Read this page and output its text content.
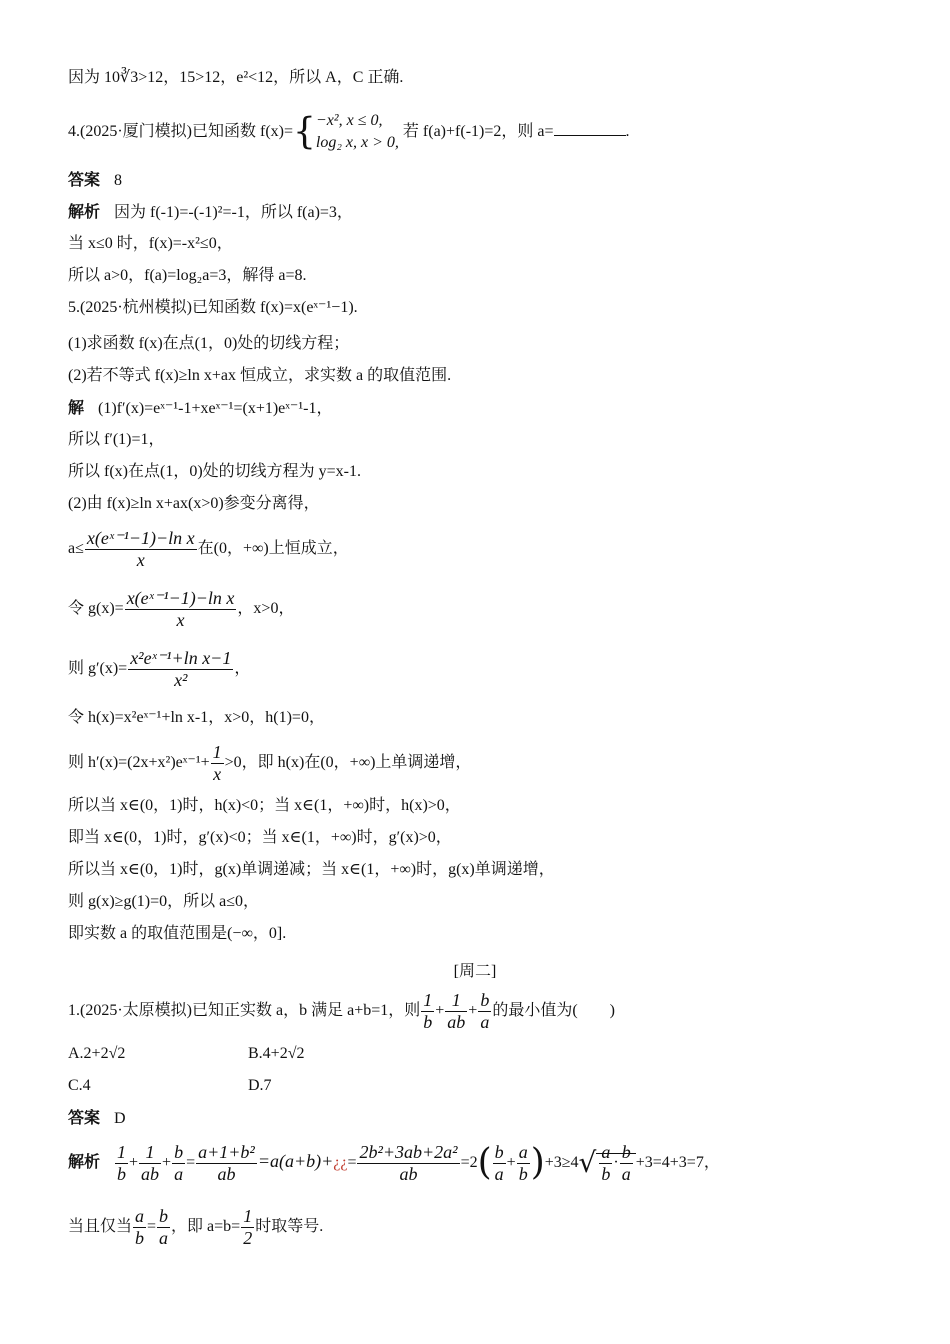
因为 10∛3>12，15>12，e²<12，所以 A，C 正确.
4.(2025·厦门模拟)已知函数 f(x)={ −x², x ≤ 0,
log₂ x, x > 0,
若 f(a)+f(-1)=2，则 a=	.
答案 8
解析 因为 f(-1)=-(-1)²=-1，所以 f(a)=3，
当 x≤0 时，f(x)=-x²≤0，
所以 a>0，f(a)=log₂a=3，解得 a=8.
5.(2025·杭州模拟)已知函数 f(x)=x(eˣ⁻¹−1).
(1)求函数 f(x)在点(1，0)处的切线方程；
(2)若不等式 f(x)≥ln x+ax 恒成立，求实数 a 的取值范围.
解 (1)f′(x)=eˣ⁻¹-1+xeˣ⁻¹=(x+1)eˣ⁻¹-1，
所以 f′(1)=1，
所以 f(x)在点(1，0)处的切线方程为 y=x-1.
(2)由 f(x)≥ln x+ax(x>0)参变分离得，
$a\le \frac{\text{x(eˣ⁻¹−1)−ln x}}{x}$ 在(0，+∞)上恒成立，
令 $g(x)= \frac{\text{x(eˣ⁻¹−1)−ln x}}{x}$ ，x>0，
则 $g'(x)= \frac{\text{x²eˣ⁻¹+ln x−1}}{\text{x²}}$ ，
令 h(x)=x²eˣ⁻¹+ln x-1，x>0，h(1)=0，
则 h′(x)=(2x+x²)eˣ⁻¹+ $\frac{1}{x} >0$，即 h(x)在(0，+∞)上单调递增，
所以当 x∈(0，1)时，h(x)<0；当 x∈(1，+∞)时，h(x)>0，
即当 x∈(0，1)时，g′(x)<0；当 x∈(1，+∞)时，g′(x)>0，
所以当 x∈(0，1)时，g(x)单调递减；当 x∈(1，+∞)时，g(x)单调递增，
则 g(x)≥g(1)=0，所以 a≤0，
即实数 a 的取值范围是(−∞，0].
[周二]
1.(2025·太原模拟)已知正实数 a，b 满足 a+b=1，则 $\frac{1}{b} + \frac{1}{ab} + \frac{b}{a}$ 的最小值为(　　)
A.2+2√2	B.4+2√2
C.4	D.7
答案 D
解析 $\frac{1}{b} + \frac{1}{ab} + \frac{b}{a} = \frac{\text{a+1+b²}}{ab}$ =a(a+b)+¿¿= $\frac{\text{2b²+3ab+2a²}}{ab} =2( \frac{b}{a} + \frac{a}{b} )+3\ge 4√ \frac{a}{b} \cdot \frac{b}{a} +3=4+3=7$，
当且仅当 $\frac{a}{b} = \frac{b}{a}$ ，即 $a=b= \frac{1}{2}$ 时取等号.
